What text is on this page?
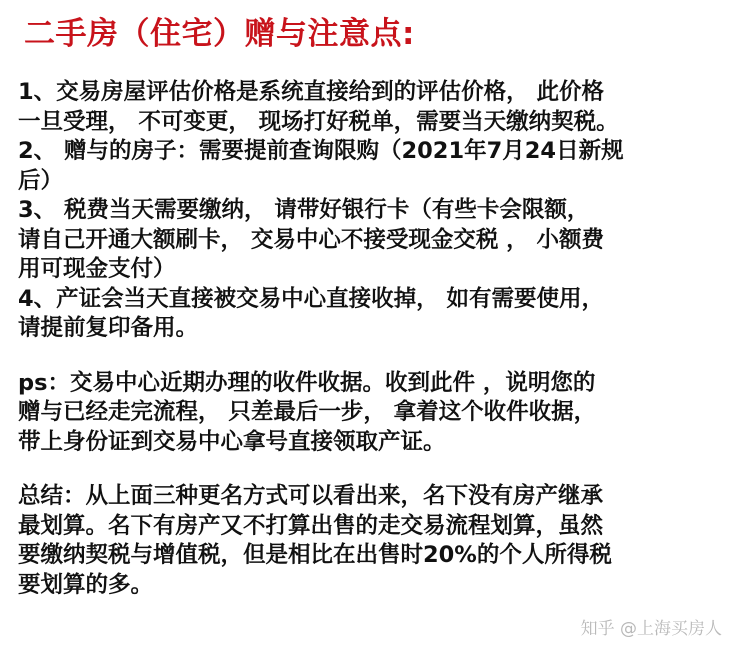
二手房（住宅）赠与注意点:
1、交易房屋评估价格是系统直接给到的评估价格， 此价格
一旦受理， 不可变更， 现场打好税单，需要当天缴纳契税。
2、 赠与的房子：需要提前查询限购（2021年7月24日新规
后）
3、 税费当天需要缴纳， 请带好银行卡（有些卡会限额，
请自己开通大额刷卡， 交易中心不接受现金交税 ， 小额费
用可现金支付）
4、产证会当天直接被交易中心直接收掉， 如有需要使用，
请提前复印备用。
ps：交易中心近期办理的收件收据。收到此件 ，说明您的
赠与已经走完流程， 只差最后一步， 拿着这个收件收据，
带上身份证到交易中心拿号直接领取产证。
总结：从上面三种更名方式可以看出来，名下没有房产继承
最划算。名下有房产又不打算出售的走交易流程划算，虽然
要缴纳契税与增值税，但是相比在出售时20%的个人所得税
要划算的多。
知乎 @上海买房人
